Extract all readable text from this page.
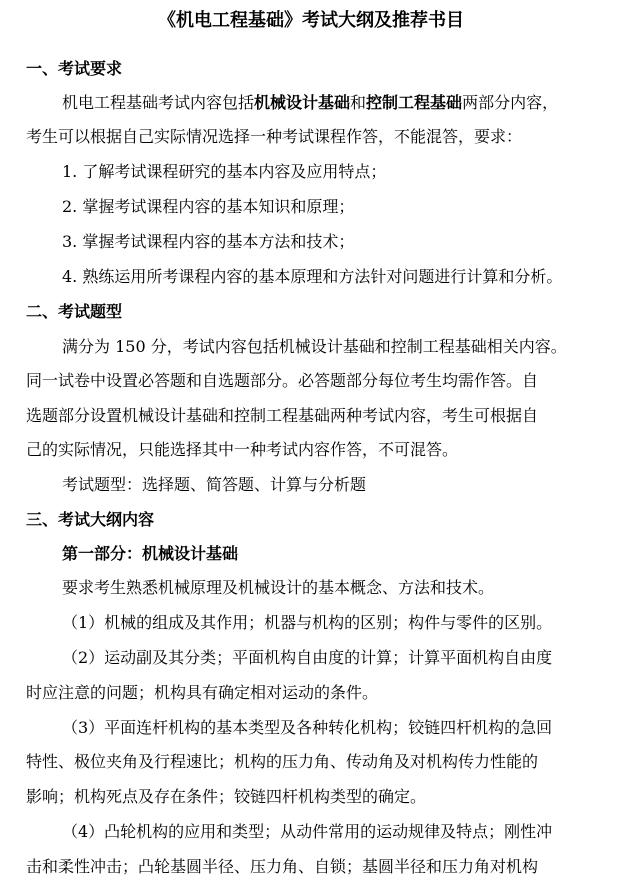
《机电工程基础》考试大纲及推荐书目
一、考试要求
机电工程基础考试内容包括机械设计基础和控制工程基础两部分内容，
考生可以根据自己实际情况选择一种考试课程作答，不能混答，要求：
1. 了解考试课程研究的基本内容及应用特点；
2. 掌握考试课程内容的基本知识和原理；
3. 掌握考试课程内容的基本方法和技术；
4. 熟练运用所考课程内容的基本原理和方法针对问题进行计算和分析。
二、考试题型
满分为 150 分，考试内容包括机械设计基础和控制工程基础相关内容。
同一试卷中设置必答题和自选题部分。必答题部分每位考生均需作答。自
选题部分设置机械设计基础和控制工程基础两种考试内容，考生可根据自
己的实际情况，只能选择其中一种考试内容作答，不可混答。
考试题型：选择题、简答题、计算与分析题
三、考试大纲内容
第一部分：机械设计基础
要求考生熟悉机械原理及机械设计的基本概念、方法和技术。
（1）机械的组成及其作用；机器与机构的区别；构件与零件的区别。
（2）运动副及其分类；平面机构自由度的计算；计算平面机构自由度
时应注意的问题；机构具有确定相对运动的条件。
（3）平面连杆机构的基本类型及各种转化机构；铰链四杆机构的急回
特性、极位夹角及行程速比；机构的压力角、传动角及对机构传力性能的
影响；机构死点及存在条件；铰链四杆机构类型的确定。
（4）凸轮机构的应用和类型；从动件常用的运动规律及特点；刚性冲
击和柔性冲击；凸轮基圆半径、压力角、自锁；基圆半径和压力角对机构
